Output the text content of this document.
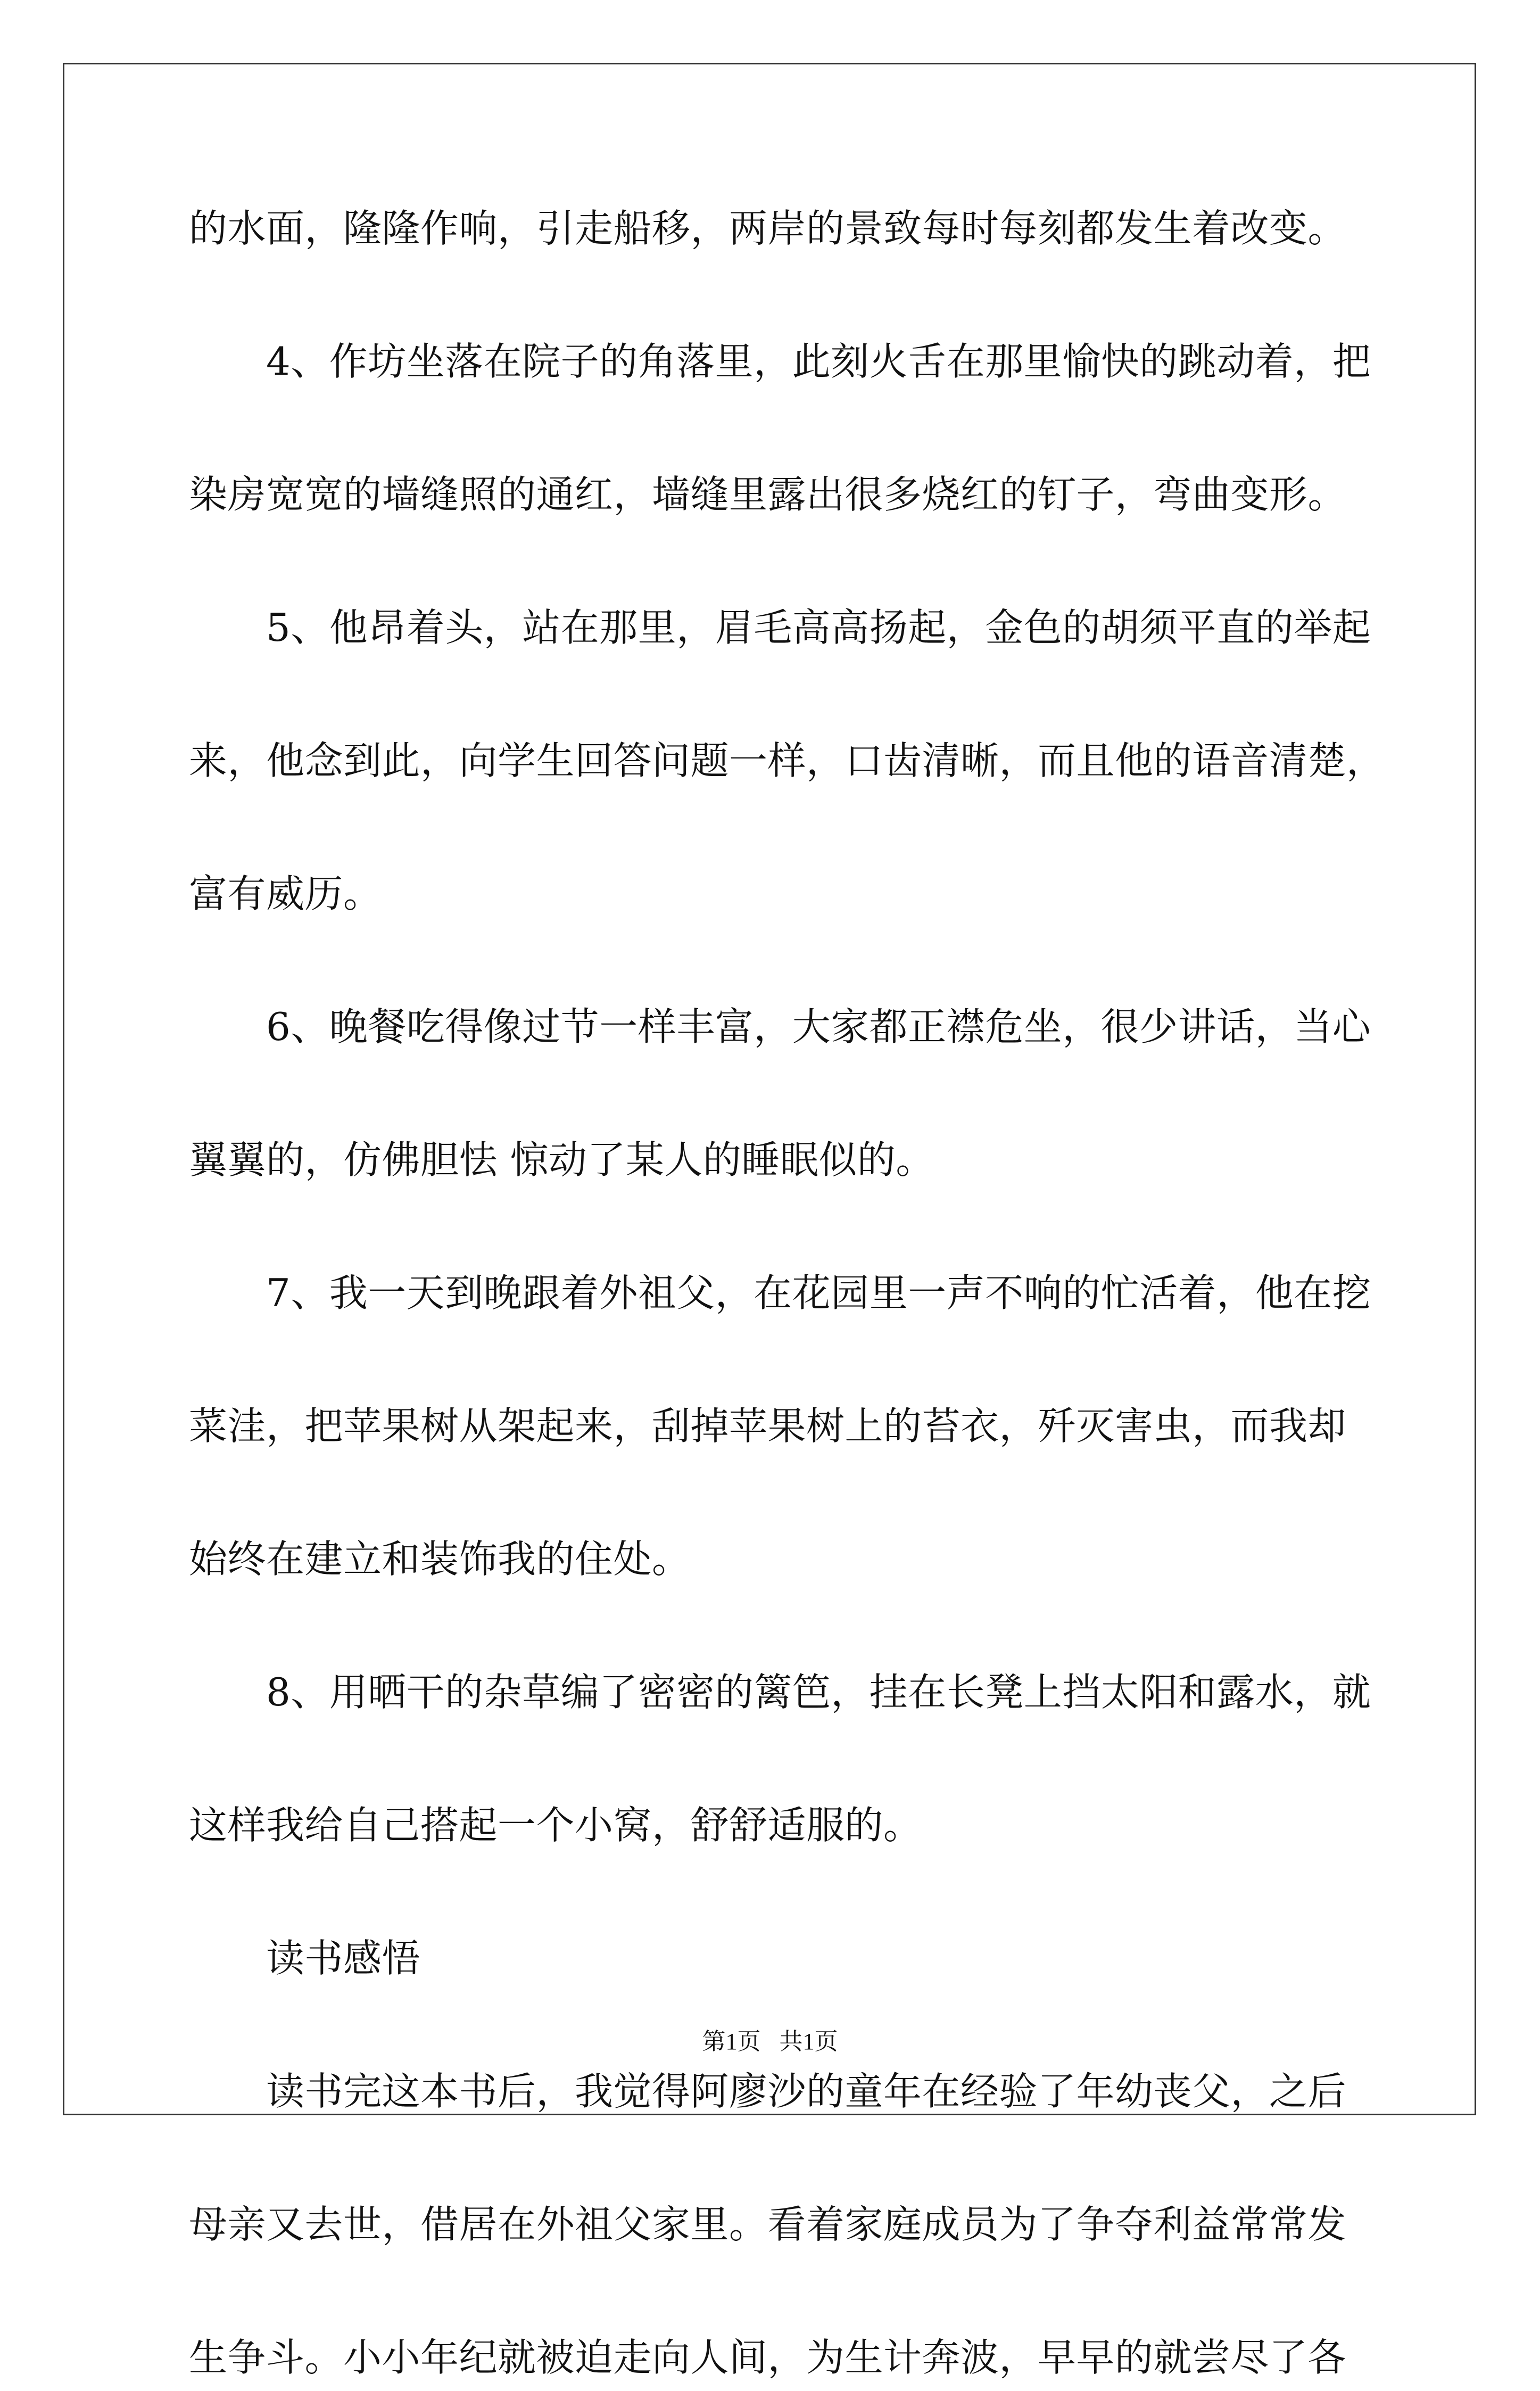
的水面，隆隆作响，引走船移，两岸的景致每时每刻都发生着改变。
4、作坊坐落在院子的角落里，此刻火舌在那里愉快的跳动着，把
染房宽宽的墙缝照的通红，墙缝里露出很多烧红的钉子，弯曲变形。
5、他昂着头，站在那里，眉毛高高扬起，金色的胡须平直的举起
来，他念到此，向学生回答问题一样，口齿清晰，而且他的语音清楚，
富有威历。
6、晚餐吃得像过节一样丰富，大家都正襟危坐，很少讲话，当心
翼翼的，仿佛胆怯 惊动了某人的睡眠似的。
7、我一天到晚跟着外祖父，在花园里一声不响的忙活着，他在挖
菜洼，把苹果树从架起来，刮掉苹果树上的苔衣，歼灭害虫，而我却
始终在建立和装饰我的住处。
8、用晒干的杂草编了密密的篱笆，挂在长凳上挡太阳和露水，就
这样我给自己搭起一个小窝，舒舒适服的。
读书感悟
读书完这本书后，我觉得阿廖沙的童年在经验了年幼丧父，之后
母亲又去世，借居在外祖父家里。看着家庭成员为了争夺利益常常发
生争斗。小小年纪就被迫走向人间，为生计奔波，早早的就尝尽了各
第1页 共1页
